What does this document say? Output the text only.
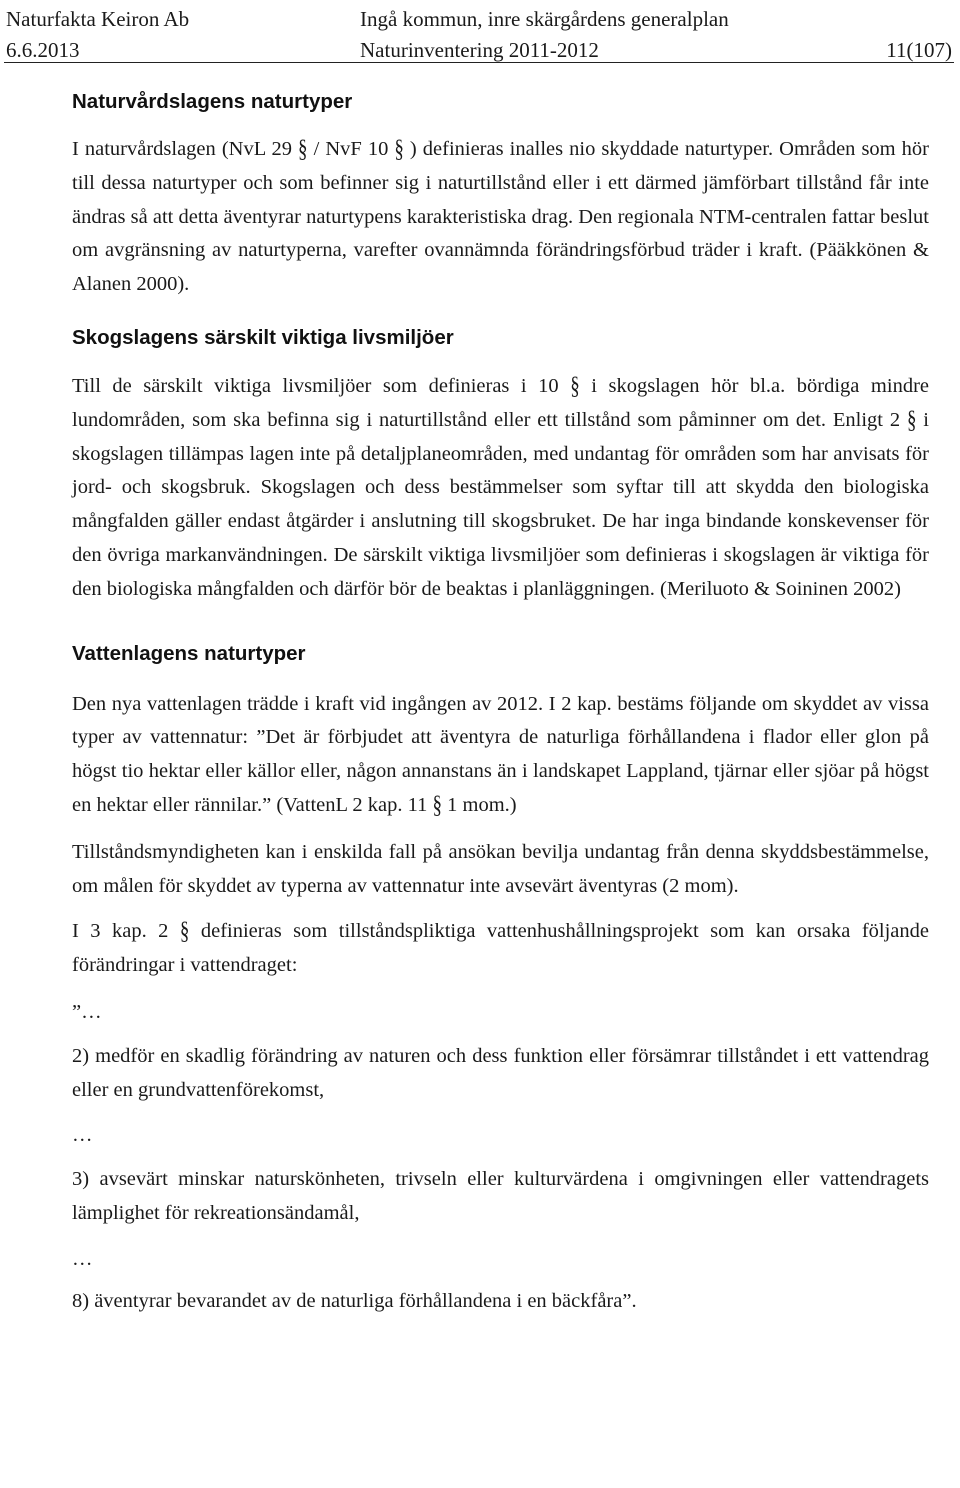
Naturfakta Keiron Ab
6.6.2013
Ingå kommun, inre skärgårdens generalplan
Naturinventering 2011-2012	11(107)
Naturvårdslagens naturtyper

I naturvårdslagen (NvL 29 § / NvF 10 § ) definieras inalles nio skyddade naturtyper. Områden som hör till dessa naturtyper och som befinner sig i naturtillstånd eller i ett därmed jämförbart tillstånd får inte ändras så att detta äventyrar naturtypens karakteristiska drag. Den regionala NTM-centralen fattar beslut om avgränsning av naturtyperna, varefter ovannämnda förändringsförbud träder i kraft. (Pääkkönen & Alanen 2000).

Skogslagens särskilt viktiga livsmiljöer

Till de särskilt viktiga livsmiljöer som definieras i 10 § i skogslagen hör bl.a. bördiga mindre lundområden, som ska befinna sig i naturtillstånd eller ett tillstånd som påminner om det. Enligt 2 § i skogslagen tillämpas lagen inte på detaljplaneområden, med undantag för områden som har anvisats för jord- och skogsbruk. Skogslagen och dess bestämmelser som syftar till att skydda den biologiska mångfalden gäller endast åtgärder i anslutning till skogsbruket. De har inga bindande konskevenser för den övriga markanvändningen. De särskilt viktiga livsmiljöer som definieras i skogslagen är viktiga för den biologiska mångfalden och därför bör de beaktas i planläggningen. (Meriluoto & Soininen 2002)

Vattenlagens naturtyper

Den nya vattenlagen trädde i kraft vid ingången av 2012. I 2 kap. bestäms följande om skyddet av vissa typer av vattennatur: ”Det är förbjudet att äventyra de naturliga förhållandena i flador eller glon på högst tio hektar eller källor eller, någon annanstans än i landskapet Lappland, tjärnar eller sjöar på högst en hektar eller rännilar.” (VattenL 2 kap. 11 § 1 mom.)

Tillståndsmyndigheten kan i enskilda fall på ansökan bevilja undantag från denna skyddsbestämmelse, om målen för skyddet av typerna av vattennatur inte avsevärt äventyras (2 mom).

I 3 kap. 2 § definieras som tillståndspliktiga vattenhushållningsprojekt som kan orsaka följande förändringar i vattendraget:

”…

2) medför en skadlig förändring av naturen och dess funktion eller försämrar tillståndet i ett vattendrag eller en grundvattenförekomst,

…

3) avsevärt minskar naturskönheten, trivseln eller kulturvärdena i omgivningen eller vattendragets lämplighet för rekreationsändamål,

…

8) äventyrar bevarandet av de naturliga förhållandena i en bäckfåra”.
